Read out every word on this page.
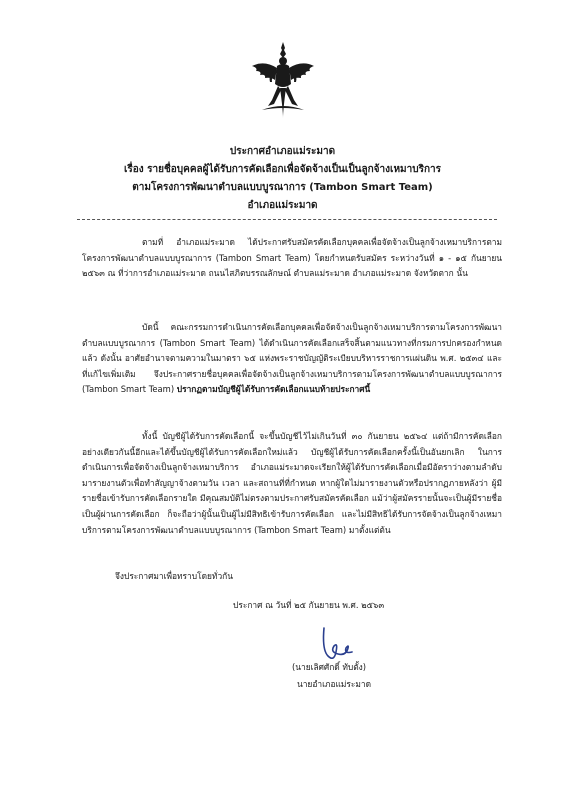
ประกาศอำเภอแม่ระมาด
เรื่อง รายชื่อบุคคลผู้ได้รับการคัดเลือกเพื่อจัดจ้างเป็นเป็นลูกจ้างเหมาบริการ
ตามโครงการพัฒนาตำบลแบบบูรณาการ (Tambon Smart Team)
อำเภอแม่ระมาด
ตามที่ อำเภอแม่ระมาด ได้ประกาศรับสมัครคัดเลือกบุคคลเพื่อจัดจ้างเป็นลูกจ้างเหมาบริการตามโครงการพัฒนาตำบลแบบบูรณาการ (Tambon Smart Team) โดยกำหนดรับสมัคร ระหว่างวันที่ ๑ - ๑๕ กันยายน ๒๕๖๓ ณ ที่ว่าการอำเภอแม่ระมาด ถนนไสภิตบรรณลักษณ์ ตำบลแม่ระมาด อำเภอแม่ระมาด จังหวัดตาก นั้น
บัดนี้ คณะกรรมการดำเนินการคัดเลือกบุคคลเพื่อจัดจ้างเป็นลูกจ้างเหมาบริการตามโครงการพัฒนาตำบลแบบบูรณาการ (Tambon Smart Team) ได้ดำเนินการคัดเลือกเสร็จสิ้นตามแนวทางที่กรมการปกครองกำหนดแล้ว ดังนั้น อาศัยอำนาจตามความในมาตรา ๖๕ แห่งพระราชบัญญัติระเบียบบริหารราชการแผ่นดิน พ.ศ. ๒๕๓๔ และที่แก้ไขเพิ่มเติม จึงประกาศรายชื่อบุคคลเพื่อจัดจ้างเป็นลูกจ้างเหมาบริการตามโครงการพัฒนาตำบลแบบบูรณาการ (Tambon Smart Team) ปรากฏตามบัญชีผู้ได้รับการคัดเลือกแนบท้ายประกาศนี้
ทั้งนี้ บัญชีผู้ได้รับการคัดเลือกนี้ จะขึ้นบัญชีไว้ไม่เกินวันที่ ๓๐ กันยายน ๒๕๖๔ แต่ถ้ามีการคัดเลือกอย่างเดียวกันนี้อีกและได้ขึ้นบัญชีผู้ได้รับการคัดเลือกใหม่แล้ว บัญชีผู้ได้รับการคัดเลือกครั้งนี้เป็นอันยกเลิก ในการดำเนินการเพื่อจัดจ้างเป็นลูกจ้างเหมาบริการ อำเภอแม่ระมาดจะเรียกให้ผู้ได้รับการคัดเลือกเมื่อมีอัตราว่างตามลำดับ มารายงานตัวเพื่อทำสัญญาจ้างตามวัน เวลา และสถานที่ที่กำหนด หากผู้ใดไม่มารายงานตัวหรือปรากฏภายหลังว่า ผู้มีรายชื่อเข้ารับการคัดเลือกรายใด มีคุณสมบัติไม่ตรงตามประกาศรับสมัครคัดเลือก แม้ว่าผู้สมัครรายนั้นจะเป็นผู้มีรายชื่อเป็นผู้ผ่านการคัดเลือก ก็จะถือว่าผู้นั้นเป็นผู้ไม่มีสิทธิเข้ารับการคัดเลือก และไม่มีสิทธิได้รับการจัดจ้างเป็นลูกจ้างเหมาบริการตามโครงการพัฒนาตำบลแบบบูรณาการ (Tambon Smart Team) มาตั้งแต่ต้น
จึงประกาศมาเพื่อทราบโดยทั่วกัน
ประกาศ ณ วันที่ ๒๕ กันยายน พ.ศ. ๒๕๖๓
(นายเลิศศักดิ์ ทับตั้ง)
นายอำเภอแม่ระมาด
